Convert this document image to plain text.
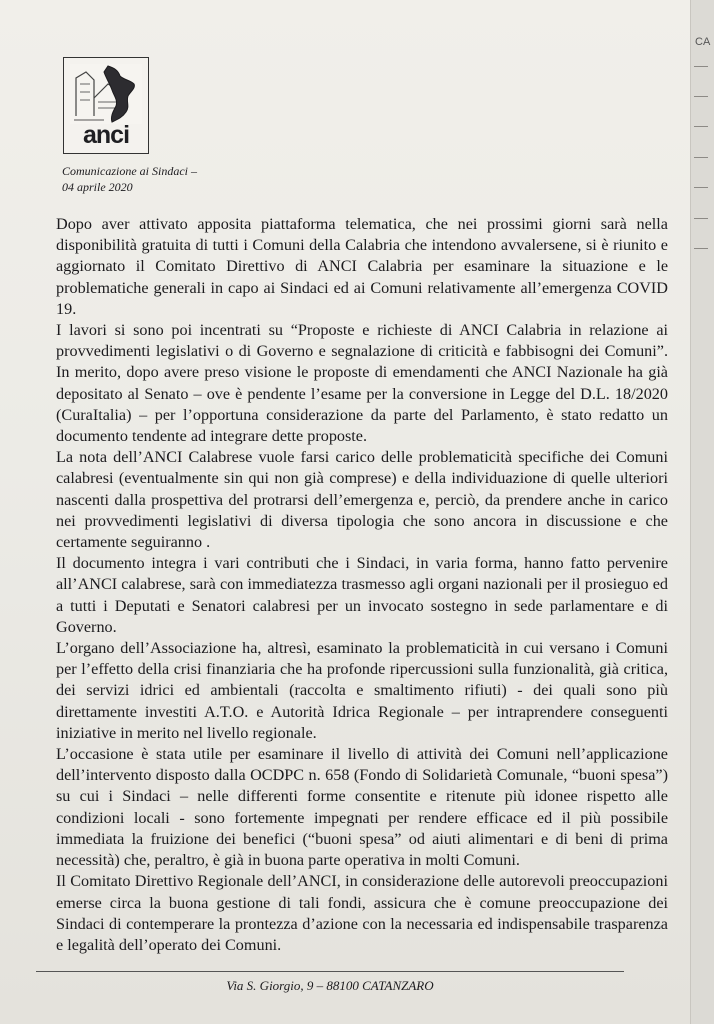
anci
Comunicazione ai Sindaci –
04 aprile 2020

Dopo aver attivato apposita piattaforma telematica, che nei prossimi giorni sarà nella disponibilità gratuita di tutti i Comuni della Calabria che intendono avvalersene, si è riunito e aggiornato il Comitato Direttivo di ANCI Calabria per esaminare la situazione e le problematiche generali in capo ai Sindaci ed ai Comuni relativamente all’emergenza COVID 19.

I lavori si sono poi incentrati su “Proposte e richieste di ANCI Calabria in relazione ai provvedimenti legislativi o di Governo e segnalazione di criticità e fabbisogni dei Comuni”. In merito, dopo avere preso visione le proposte di emendamenti che ANCI Nazionale ha già depositato al Senato – ove è pendente l’esame per la conversione in Legge del D.L. 18/2020 (CuraItalia) – per l’opportuna considerazione da parte del Parlamento, è stato redatto un documento tendente ad integrare dette proposte.

La nota dell’ANCI Calabrese vuole farsi carico delle problematicità specifiche dei Comuni calabresi (eventualmente sin qui non già comprese) e della individuazione di quelle ulteriori nascenti dalla prospettiva del protrarsi dell’emergenza e, perciò, da prendere anche in carico nei provvedimenti legislativi di diversa tipologia che sono ancora in discussione e che certamente seguiranno .

Il documento integra i vari contributi che i Sindaci, in varia forma, hanno fatto pervenire all’ANCI calabrese, sarà con immediatezza trasmesso agli organi nazionali per il prosieguo ed a tutti i Deputati e Senatori calabresi per un invocato sostegno in sede parlamentare e di Governo.

L’organo dell’Associazione ha, altresì, esaminato la problematicità in cui versano i Comuni per l’effetto della crisi finanziaria che ha profonde ripercussioni sulla funzionalità, già critica, dei servizi idrici ed ambientali (raccolta e smaltimento rifiuti) - dei quali sono più direttamente investiti A.T.O. e Autorità Idrica Regionale – per intraprendere conseguenti iniziative in merito nel livello regionale.

L’occasione è stata utile per esaminare il livello di attività dei Comuni nell’applicazione dell’intervento disposto dalla OCDPC n. 658 (Fondo di Solidarietà Comunale, “buoni spesa”) su cui i Sindaci – nelle differenti forme consentite e ritenute più idonee rispetto alle condizioni locali - sono fortemente impegnati per rendere efficace ed il più possibile immediata la fruizione dei benefici (“buoni spesa” od aiuti alimentari e di beni di prima necessità) che, peraltro, è già in buona parte operativa in molti Comuni.

Il Comitato Direttivo Regionale dell’ANCI, in considerazione delle autorevoli preoccupazioni emerse circa la buona gestione di tali fondi, assicura che è comune preoccupazione dei Sindaci di contemperare la prontezza d’azione con la necessaria ed indispensabile trasparenza e legalità dell’operato dei Comuni.

Via S. Giorgio, 9 – 88100 CATANZARO
CA
